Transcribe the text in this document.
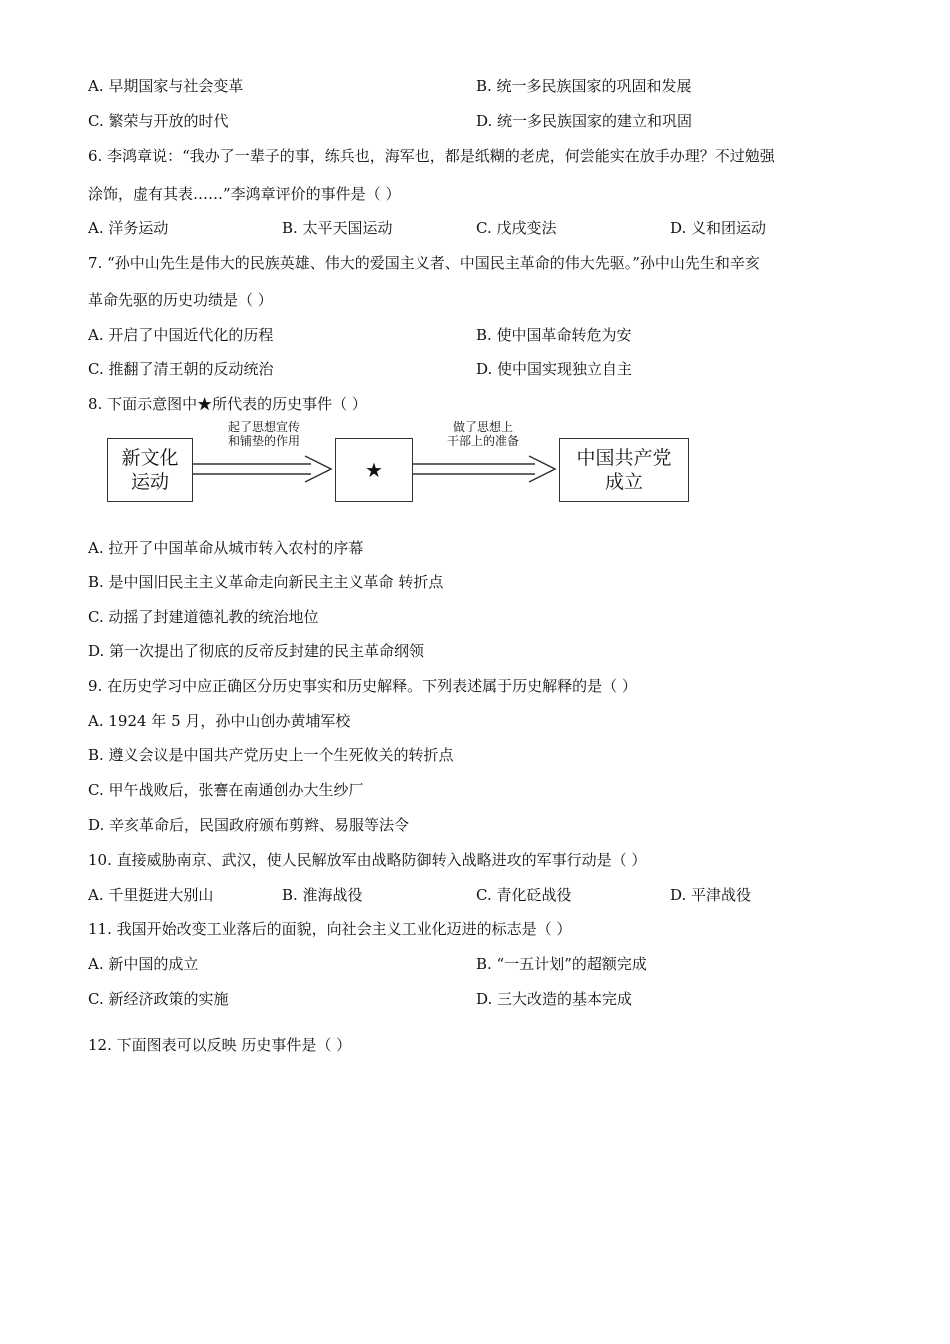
A. 早期国家与社会变革	B. 统一多民族国家的巩固和发展
C. 繁荣与开放的时代	D. 统一多民族国家的建立和巩固
6. 李鸿章说：“我办了一辈子的事，练兵也，海军也，都是纸糊的老虎，何尝能实在放手办理？不过勉强
涂饰，虚有其表……”李鸿章评价的事件是（ ）
A. 洋务运动	B. 太平天国运动	C. 戊戌变法	D. 义和团运动
7. “孙中山先生是伟大的民族英雄、伟大的爱国主义者、中国民主革命的伟大先驱。”孙中山先生和辛亥
革命先驱的历史功绩是（ ）
A. 开启了中国近代化的历程	B. 使中国革命转危为安
C. 推翻了清王朝的反动统治	D. 使中国实现独立自主
8. 下面示意图中★所代表的历史事件（ ）
新文化
运动
起了思想宣传
和铺垫的作用
★
做了思想上
干部上的准备
中国共产党
成立
A. 拉开了中国革命从城市转入农村的序幕
B. 是中国旧民主主义革命走向新民主主义革命 转折点
C. 动摇了封建道德礼教的统治地位
D. 第一次提出了彻底的反帝反封建的民主革命纲领
9. 在历史学习中应正确区分历史事实和历史解释。下列表述属于历史解释的是（ ）
A. 1924 年 5 月，孙中山创办黄埔军校
B. 遵义会议是中国共产党历史上一个生死攸关的转折点
C. 甲午战败后，张謇在南通创办大生纱厂
D. 辛亥革命后，民国政府颁布剪辫、易服等法令
10. 直接威胁南京、武汉，使人民解放军由战略防御转入战略进攻的军事行动是（ ）
A. 千里挺进大别山	B. 淮海战役	C. 青化砭战役	D. 平津战役
11. 我国开始改变工业落后的面貌，向社会主义工业化迈进的标志是（ ）
A. 新中国的成立	B. “一五计划”的超额完成
C. 新经济政策的实施	D. 三大改造的基本完成
12. 下面图表可以反映 历史事件是（ ）
